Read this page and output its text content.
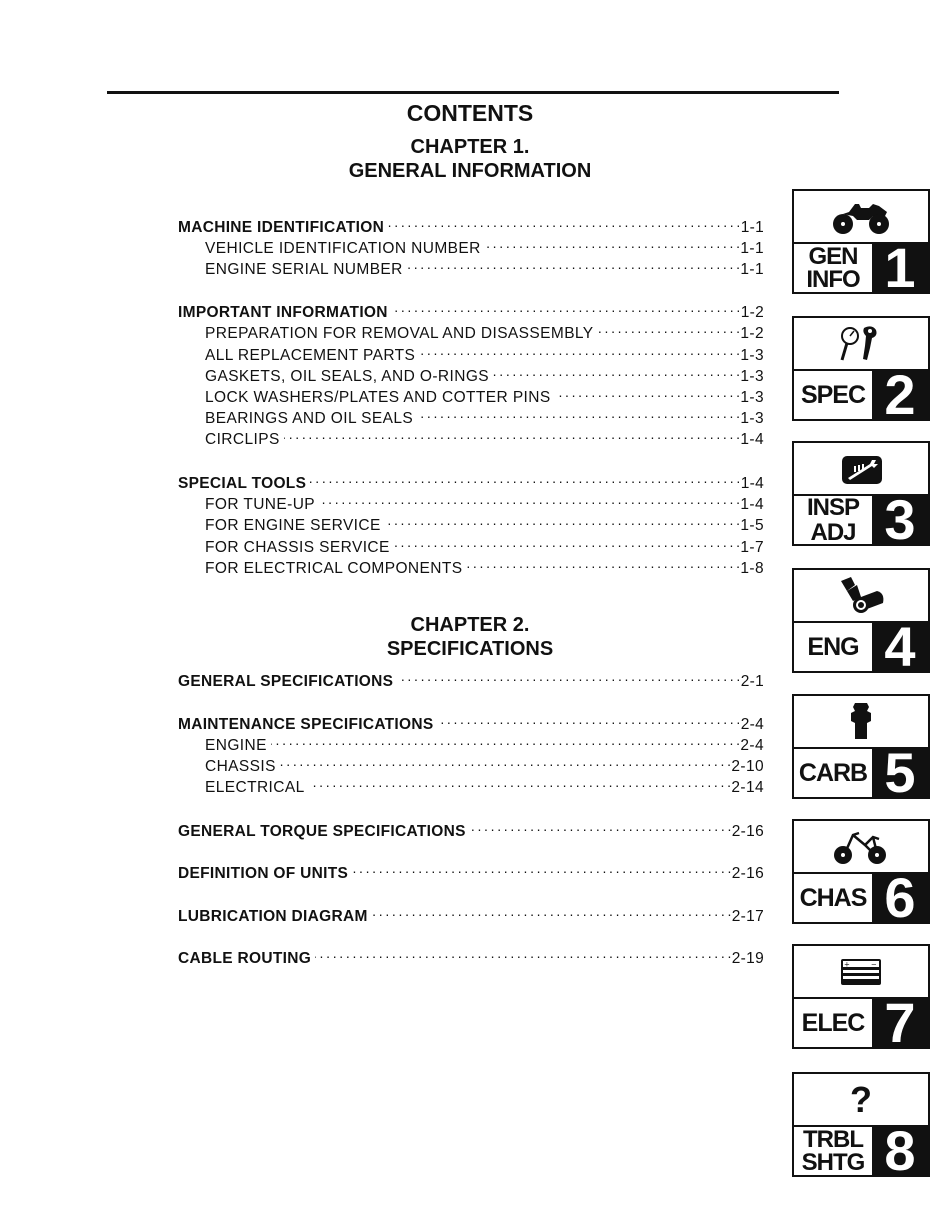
CONTENTS
CHAPTER 1.
GENERAL INFORMATION
CHAPTER 2.
SPECIFICATIONS
MACHINE IDENTIFICATION . . .	1-1
VEHICLE IDENTIFICATION NUMBER . . .	1-1
ENGINE SERIAL NUMBER . . .	1-1
IMPORTANT INFORMATION . . .	1-2
PREPARATION FOR REMOVAL AND DISASSEMBLY . . .	1-2
ALL REPLACEMENT PARTS . . .	1-3
GASKETS, OIL SEALS, AND O-RINGS . . .	1-3
LOCK WASHERS/PLATES AND COTTER PINS . . .	1-3
BEARINGS AND OIL SEALS . . .	1-3
CIRCLIPS . . .	1-4
SPECIAL TOOLS . . .	1-4
FOR TUNE-UP . . .	1-4
FOR ENGINE SERVICE . . .	1-5
FOR CHASSIS SERVICE . . .	1-7
FOR ELECTRICAL COMPONENTS . . .	1-8
GENERAL SPECIFICATIONS . . .	2-1
MAINTENANCE SPECIFICATIONS . . .	2-4
ENGINE . . .	2-4
CHASSIS . . .	2-10
ELECTRICAL . . .	2-14
GENERAL TORQUE SPECIFICATIONS . . .	2-16
DEFINITION OF UNITS . . .	2-16
LUBRICATION DIAGRAM . . .	2-17
CABLE ROUTING . . .	2-19
GEN
INFO 1
SPEC 2
INSP
ADJ 3
ENG 4
CARB 5
CHAS 6
+	−
ELEC 7
?
TRBL
SHTG 8
